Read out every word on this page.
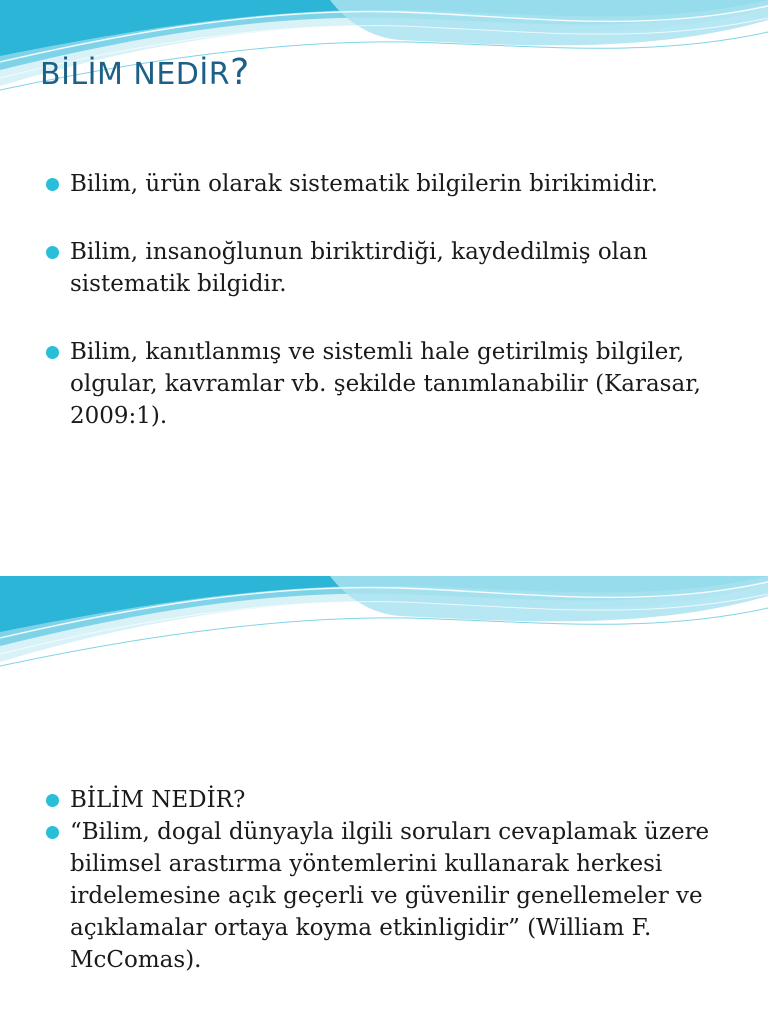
BİLİM NEDİR?
Bilim, ürün olarak sistematik bilgilerin birikimidir.
Bilim, insanoğlunun biriktirdiği, kaydedilmiş olan sistematik bilgidir.
Bilim, kanıtlanmış ve sistemli hale getirilmiş bilgiler, olgular, kavramlar vb. şekilde tanımlanabilir (Karasar, 2009:1).
BİLİM NEDİR?
“Bilim, dogal dünyayla ilgili soruları cevaplamak üzere bilimsel arastırma yöntemlerini kullanarak herkesi irdelemesine açık geçerli ve güvenilir genellemeler ve açıklamalar ortaya koyma etkinligidir” (William F. McComas).
